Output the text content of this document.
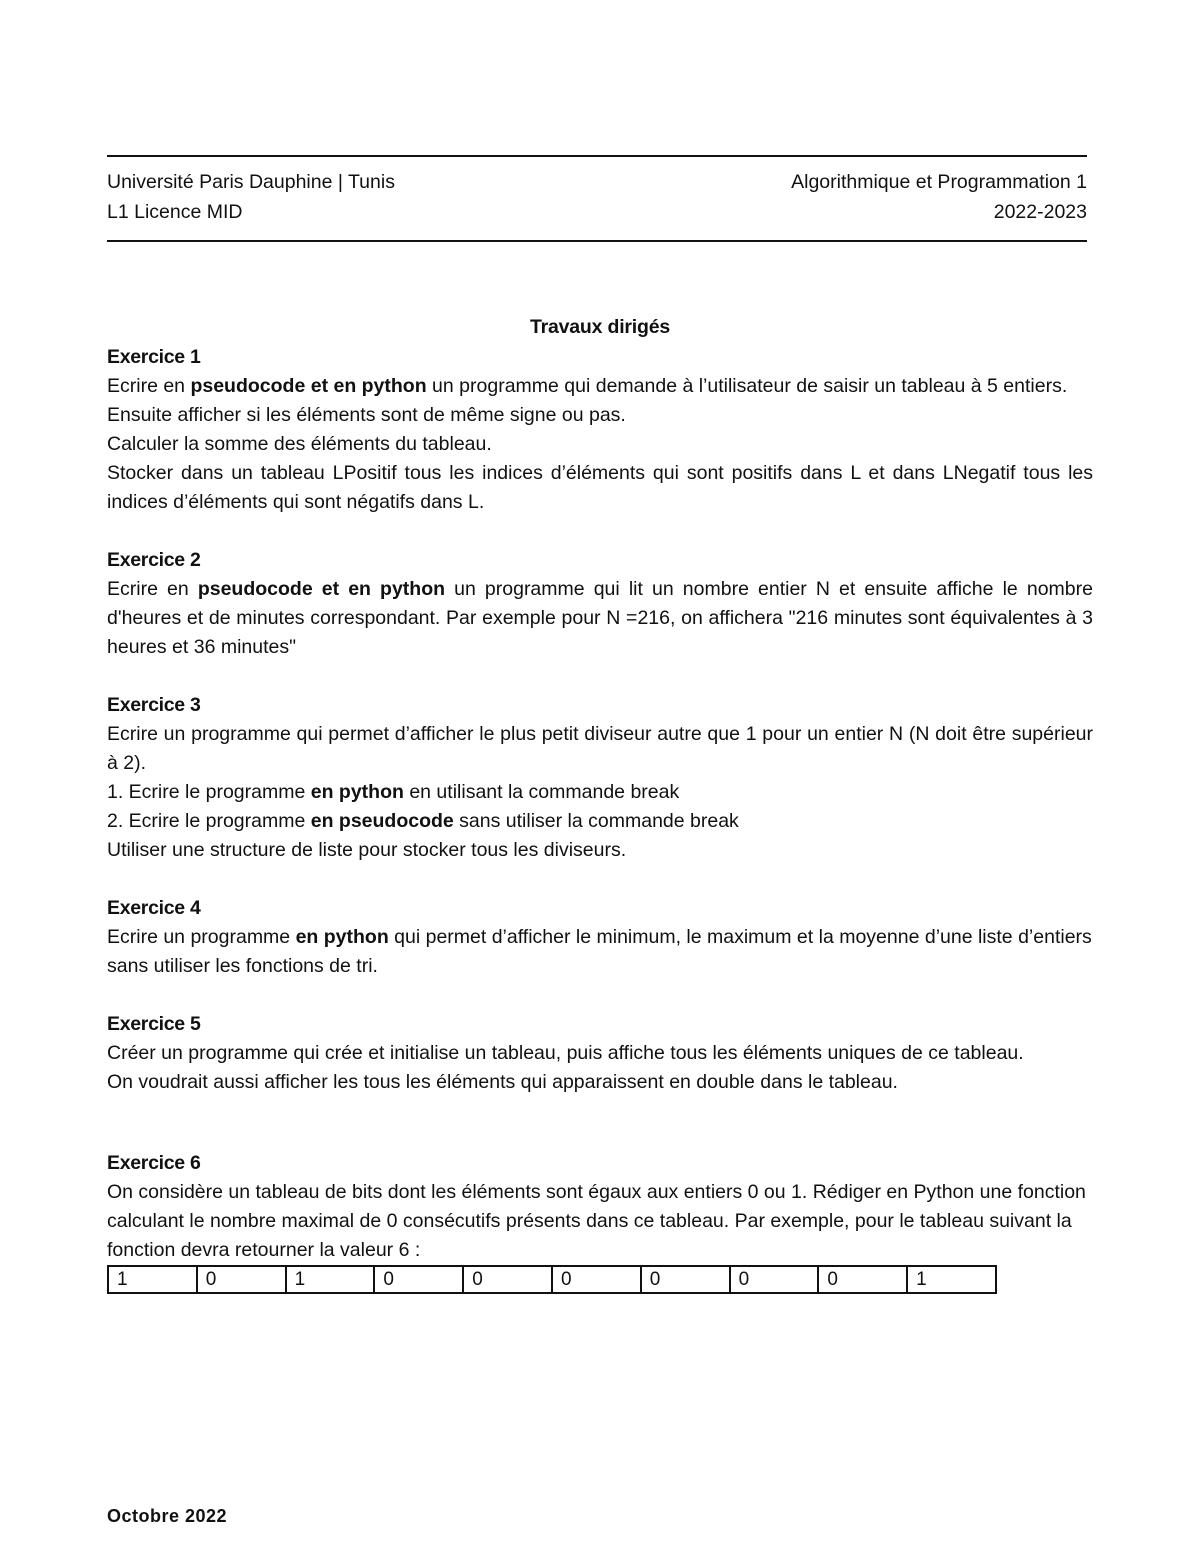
Université Paris Dauphine | Tunis	Algorithmique et Programmation 1
L1 Licence MID	2022-2023
Travaux dirigés
Exercice 1

Ecrire en pseudocode et en python un programme qui demande à l’utilisateur de saisir un tableau à 5 entiers.

Ensuite afficher si les éléments sont de même signe ou pas.

Calculer la somme des éléments du tableau.

Stocker dans un tableau LPositif tous les indices d’éléments qui sont positifs dans L et dans LNegatif tous les indices d’éléments qui sont négatifs dans L.

Exercice 2

Ecrire en pseudocode et en python un programme qui lit un nombre entier N et ensuite affiche le nombre d'heures et de minutes correspondant. Par exemple pour N =216, on affichera "216 minutes sont équivalentes à 3 heures et 36 minutes"

Exercice 3

Ecrire un programme qui permet d’afficher le plus petit diviseur autre que 1 pour un entier N (N doit être supérieur à 2).

1. Ecrire le programme en python en utilisant la commande break

2. Ecrire le programme en pseudocode sans utiliser la commande break

Utiliser une structure de liste pour stocker tous les diviseurs.

Exercice 4

Ecrire un programme en python qui permet d’afficher le minimum, le maximum et la moyenne d’une liste d’entiers sans utiliser les fonctions de tri.

Exercice 5

Créer un programme qui crée et initialise un tableau, puis affiche tous les éléments uniques de ce tableau.

On voudrait aussi afficher les tous les éléments qui apparaissent en double dans le tableau.

Exercice 6

On considère un tableau de bits dont les éléments sont égaux aux entiers 0 ou 1. Rédiger en Python une fonction calculant le nombre maximal de 0 consécutifs présents dans ce tableau. Par exemple, pour le tableau suivant la fonction devra retourner la valeur 6 :

1	0	1	0	0	0	0	0	0	1
Octobre 2022
